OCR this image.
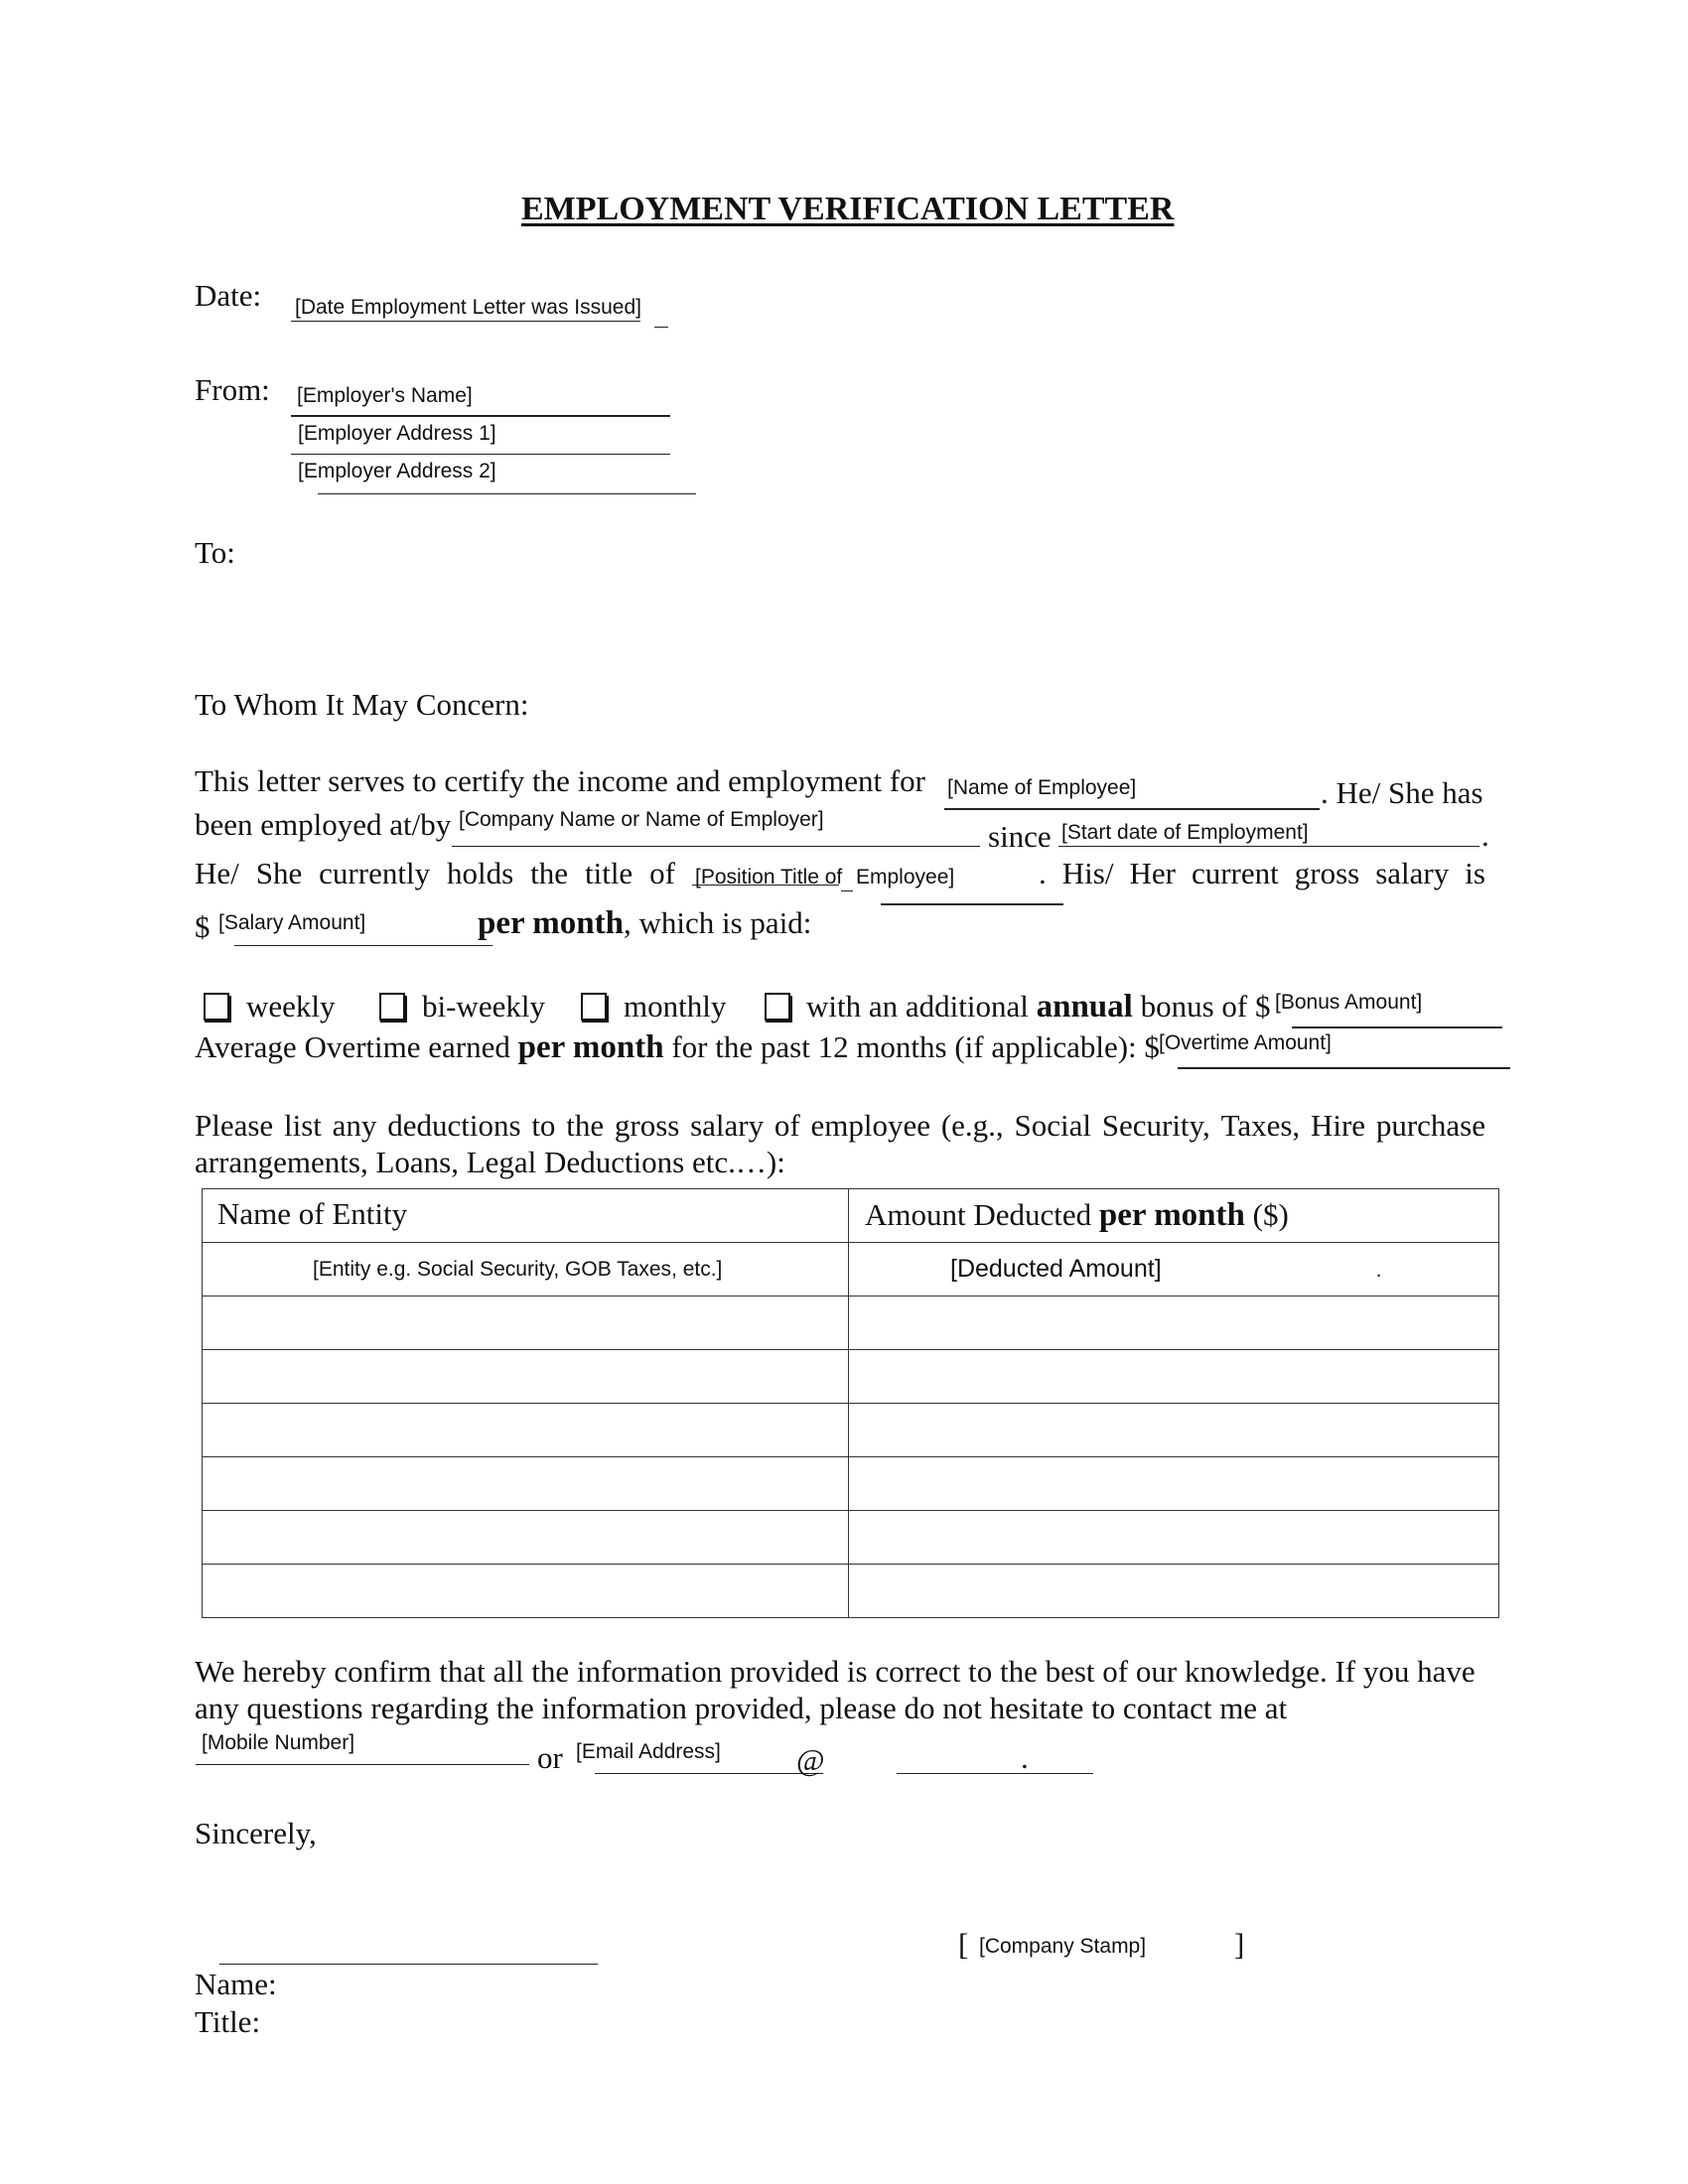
EMPLOYMENT VERIFICATION LETTER
Date: [Date Employment Letter was Issued]
From: [Employer's Name]
[Employer Address 1]
[Employer Address 2]
To:
To Whom It May Concern:
This letter serves to certify the income and employment for [Name of Employee]	. He/ She has
been employed at/by [Company Name or Name of Employer]	since [Start date of Employment]	.
He/ She currently holds the title of [Position Title of Employee]	. His/ Her current gross salary is
$ [Salary Amount]	per month, which is paid:
weekly	bi-weekly	monthly	with an additional annual bonus of $ [Bonus Amount]
Average Overtime earned per month for the past 12 months (if applicable): $ [Overtime Amount]
Please list any deductions to the gross salary of employee (e.g., Social Security, Taxes, Hire purchase
arrangements, Loans, Legal Deductions etc.…):
Name of Entity	Amount Deducted per month ($)
[Entity e.g. Social Security, GOB Taxes, etc.]	[Deducted Amount] .

We hereby confirm that all the information provided is correct to the best of our knowledge. If you have
any questions regarding the information provided, please do not hesitate to contact me at
[Mobile Number]	or [Email Address] @	.
Sincerely,
[ [Company Stamp]	]
Name:
Title:
